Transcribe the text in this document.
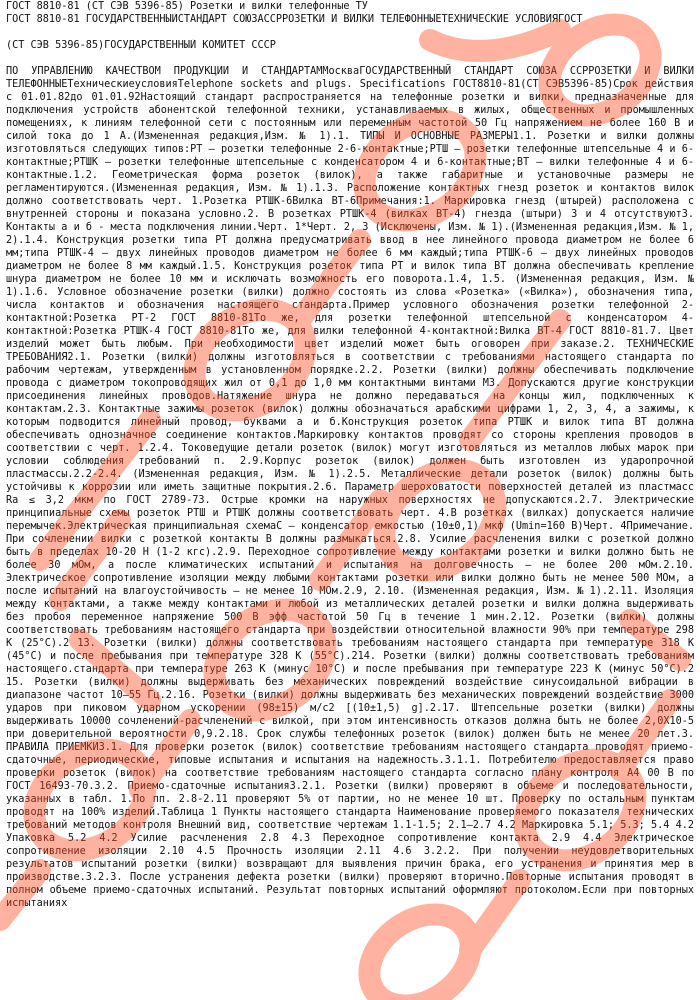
ГОСТ 8810-81 (СТ СЭВ 5396-85) Розетки и вилки телефонные ТУ
ГОСТ 8810-81 ГОСУДАРСТВЕННЫЙСТАНДАРТ СОЮЗАССРРОЗЕТКИ И ВИЛКИ ТЕЛЕФОННЫЕТЕХНИЧЕСКИЕ УСЛОВИЯГОСТ
(СТ СЭВ 5396-85)ГОСУДАРСТВЕННЫЙ КОМИТЕТ СССР
ПО УПРАВЛЕНИЮ КАЧЕСТВОМ ПРОДУКЦИИ И СТАНДАРТАММоскваГОСУДАРСТВЕННЫЙ СТАНДАРТ СОЮЗА ССРРОЗЕТКИ И ВИЛКИ ТЕЛЕФОННЫЕТехническиеусловияTelephone sockets and plugs. Specifications ГОСТ8810-81(СТ СЭВ5396-85)Срок действия с 01.01.82до 01.01.92Настоящий стандарт распространяется на телефонные розетки и вилки, предназначенные для подключения устройств абонентской телефонной техники, устанавливаемых в жилых, общественных и промышленных помещениях, к линиям телефонной сети с постоянным или переменным частотой 50 Гц напряжением не более 160 В и силой тока до 1 А.(Измененная редакция,Изм. № 1).1. ТИПЫ И ОСНОВНЫЕ РАЗМЕРЫ1.1. Розетки и вилки должны изготовляться следующих типов:РТ — розетки телефонные 2-6-контактные;РТШ — розетки телефонные штепсельные 4 и 6-контактные;РТШК — розетки телефонные штепсельные с конденсатором 4 и 6-контактные;ВТ — вилки телефонные 4 и 6-контактные.1.2. Геометрическая форма розеток (вилок), а также габаритные и установочные размеры не регламентируются.(Измененная редакция, Изм. № 1).1.3. Расположение контактных гнезд розеток и контактов вилок должно соответствовать черт. 1.Розетка РТШК-6Вилка ВТ-6Примечания:1. Маркировка гнезд (штырей) расположена с внутренней стороны и показана условно.2. В розетках РТШК-4 (вилках ВТ-4) гнезда (штыри) 3 и 4 отсутствуют3. Контакты а и б - места подключения линии.Черт. 1*Черт. 2, 3 (Исключены, Изм. № 1).(Измененная редакция,Изм. № 1, 2).1.4. Конструкция розетки типа РТ должна предусматривать ввод в нее линейного провода диаметром не более 6 мм;типа РТШК-4 — двух линейных проводов диаметром не более 6 мм каждый;типа РТШК-6 — двух линейных проводов диаметром не более 8 мм каждый.1.5. Конструкция розеток типа РТ и вилок типа ВТ должна обеспечивать крепление шнура диаметром не более 10 мм и исключать возможность его поворота.1.4, 1.5. (Измененная редакция, Изм. № 1).1.6. Условное обозначение розетки (вилки) должно состоять из слова «Розетка» («Вилка»), обозначения типа, числа контактов и обозначения настоящего стандарта.Пример условного обозначения розетки телефонной 2-контактной:Розетка РТ-2 ГОСТ 8810-81То же, для розетки телефонной штепсельной с конденсатором 4-контактной:Розетка РТШК-4 ГОСТ 8810-81То же, для вилки телефонной 4-контактной:Вилка ВТ-4 ГОСТ 8810-81.7. Цвет изделий может быть любым. При необходимости цвет изделий может быть оговорен при заказе.2. ТЕХНИЧЕСКИЕ ТРЕБОВАНИЯ2.1. Розетки (вилки) должны изготовляться в соответствии с требованиями настоящего стандарта по рабочим чертежам, утвержденным в установленном порядке.2.2. Розетки (вилки) должны обеспечивать подключение провода с диаметром токопроводящих жил от 0,1 до 1,0 мм контактными винтами М3. Допускаются другие конструкции присоединения линейных проводов.Натяжение шнура не должно передаваться на концы жил, подключенных к контактам.2.3. Контактные зажимы розеток (вилок) должны обозначаться арабскими цифрами 1, 2, 3, 4, а зажимы, к которым подводится линейный провод, буквами а и б.Конструкция розеток типа РТШК и вилок типа ВТ должна обеспечивать однозначное соединение контактов.Маркировку контактов проводят со стороны крепления проводов в соответствии с черт. 1.2.4. Токоведущие детали розеток (вилок) могут изготовляться из металлов любых марок при условии соблюдения требований п. 2.9.Корпус розеток (вилок) должен быть изготовлен из ударопрочной пластмассы.2.2-2.4. (Измененная редакция, Изм. № 1).2.5. Металлические детали розеток (вилок) должны быть устойчивы к коррозии или иметь защитные покрытия.2.6. Параметр шероховатости поверхностей деталей из пластмасс Ra ≤ 3,2 мкм по ГОСТ 2789-73. Острые кромки на наружных поверхностях не допускаются.2.7. Электрические принципиальные схемы розеток РТШ и РТШК должны соответствовать черт. 4.В розетках (вилках) допускается наличие перемычек.Электрическая принципиальная схемаС — конденсатор емкостью (10±0,1) мкф (Umin=160 В)Черт. 4Примечание. При сочленении вилки с розеткой контакты В должны размыкаться.2.8. Усилие расчленения вилки с розеткой должно быть в пределах 10-20 Н (1-2 кгс).2.9. Переходное сопротивление между контактами розетки и вилки должно быть не более 30 мОм, а после климатических испытаний и испытания на долговечность — не более 200 мОм.2.10. Электрическое сопротивление изоляции между любыми контактами розетки или вилки должно быть не менее 500 МОм, а после испытаний на влагоустойчивость — не менее 10 МОм.2.9, 2.10. (Измененная редакция, Изм. № 1).2.11. Изоляция между контактами, а также между контактами и любой из металлических деталей розетки и вилки должна выдерживать без пробоя переменное напряжение 500 В эфф частотой 50 Гц в течение 1 мин.2.12. Розетки (вилки) должны соответствовать требованиям настоящего стандарта при воздействии относительной влажности 90% при температуре 298 К (25°С).2 13. Розетки (вилки) должны соответствовать требованиям настоящего стандарта при температуре 318 К (45°С) и после пребывания при температуре 328 К (55°С).214. Розетки (вилки) должны соответствовать требованиям настоящего.стандарта при температуре 263 К (минус 10°С) и после пребывания при температуре 223 К (минус 50°С).2 15. Розетки (вилки) должны выдерживать без механических повреждений воздействие синусоидальной вибрации в диапазоне частот 10—55 Гц.2.16. Розетки (вилки) должны выдерживать без механических повреждений воздействие 3000 ударов при пиковом ударном ускорении (98±15) м/с2 [(10±1,5) g].2.17. Штепсельные розетки (вилки) должны выдерживать 10000 сочленений-расчленений с вилкой, при этом интенсивность отказов должна быть не более 2,0Х10-5 при доверительной вероятности 0,9.2.18. Срок службы телефонных розеток (вилок) должен быть не менее 20 лет.3. ПРАВИЛА ПРИЕМКИ3.1. Для проверки розеток (вилок) соответствие требованиям настоящего стандарта проводят приемо-сдаточные, периодические, типовые испытания и испытания на надежность.3.1.1. Потребителю предоставляется право проверки розеток (вилок) на соответствие требованиям настоящего стандарта согласно плану контроля А4 00 В по ГОСТ 16493-70.3.2. Приемо-сдаточные испытания3.2.1. Розетки (вилки) проверяют в объеме и последовательности, указанных в табл. 1.По пп. 2.8-2.11 проверяют 5% от партии, но не менее 10 шт. Проверку по остальным пунктам проводят на 100% изделий.Таблица 1 Пункты настоящего стандарта Наименование проверяемого показателя технических требований методов контроля Внешний вид, соответствие чертежам 1.1-1.5; 2.1—2.7 4.2 Маркировка 5.1; 5.3; 5.4 4.2 Упаковка 5.2 4.2 Усилие расчленения 2.8 4.3 Переходное сопротивление контакта 2.9 4.4 Электрическое сопротивление изоляции 2.10 4.5 Прочность изоляции 2.11 4.6 3.2.2. При получении неудовлетворительных результатов испытаний розетки (вилки) возвращают для выявления причин брака, его устранения и принятия мер в производстве.3.2.3. После устранения дефекта розетки (вилки) проверяют вторично.Повторные испытания проводят в полном объеме приемо-сдаточных испытаний. Результат повторных испытаний оформляют протоколом.Если при повторных испытаниях
